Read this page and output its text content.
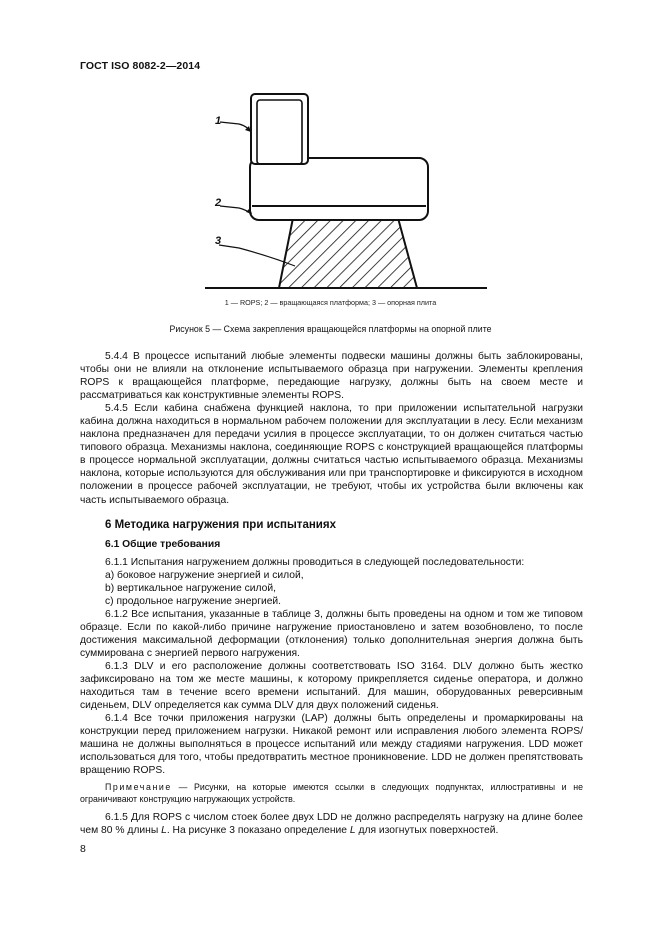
ГОСТ ISO 8082-2—2014
1
2
3
1 — ROPS; 2 — вращающаяся платформа; 3 — опорная плита
Рисунок 5 — Схема закрепления вращающейся платформы на опорной плите

5.4.4 В процессе испытаний любые элементы подвески машины должны быть заблокированы, чтобы они не влияли на отклонение испытываемого образца при нагружении. Элементы крепления ROPS к вращающейся платформе, передающие нагрузку, должны быть на своем месте и рассматриваться как конструктивные элементы ROPS.

5.4.5 Если кабина снабжена функцией наклона, то при приложении испытательной нагрузки кабина должна находиться в нормальном рабочем положении для эксплуатации в лесу. Если механизм наклона предназначен для передачи усилия в процессе эксплуатации, то он должен считаться частью типового образца. Механизмы наклона, соединяющие ROPS с конструкцией вращающейся платформы в процессе нормальной эксплуатации, должны считаться частью испытываемого образца. Механизмы наклона, которые используются для обслуживания или при транспортировке и фиксируются в исходном положении в процессе рабочей эксплуатации, не требуют, чтобы их устройства были включены как часть испытываемого образца.

6 Методика нагружения при испытаниях
6.1 Общие требования

6.1.1 Испытания нагружением должны проводиться в следующей последовательности:

a) боковое нагружение энергией и силой,

b) вертикальное нагружение силой,

c) продольное нагружение энергией.

6.1.2 Все испытания, указанные в таблице 3, должны быть проведены на одном и том же типовом образце. Если по какой-либо причине нагружение приостановлено и затем возобновлено, то после достижения максимальной деформации (отклонения) только дополнительная энергия должна быть суммирована с энергией первого нагружения.

6.1.3 DLV и его расположение должны соответствовать ISO 3164. DLV должно быть жестко зафиксировано на том же месте машины, к которому прикрепляется сиденье оператора, и должно находиться там в течение всего времени испытаний. Для машин, оборудованных реверсивным сиденьем, DLV определяется как сумма DLV для двух положений сиденья.

6.1.4 Все точки приложения нагрузки (LAP) должны быть определены и промаркированы на конструкции перед приложением нагрузки. Никакой ремонт или исправления любого элемента ROPS/машина не должны выполняться в процессе испытаний или между стадиями нагружения. LDD может использоваться для того, чтобы предотвратить местное проникновение. LDD не должен препятствовать вращению ROPS.

Примечание — Рисунки, на которые имеются ссылки в следующих подпунктах, иллюстративны и не ограничивают конструкцию нагружающих устройств.

6.1.5 Для ROPS с числом стоек более двух LDD не должно распределять нагрузку на длине более чем 80 % длины L. На рисунке 3 показано определение L для изогнутых поверхностей.

8
